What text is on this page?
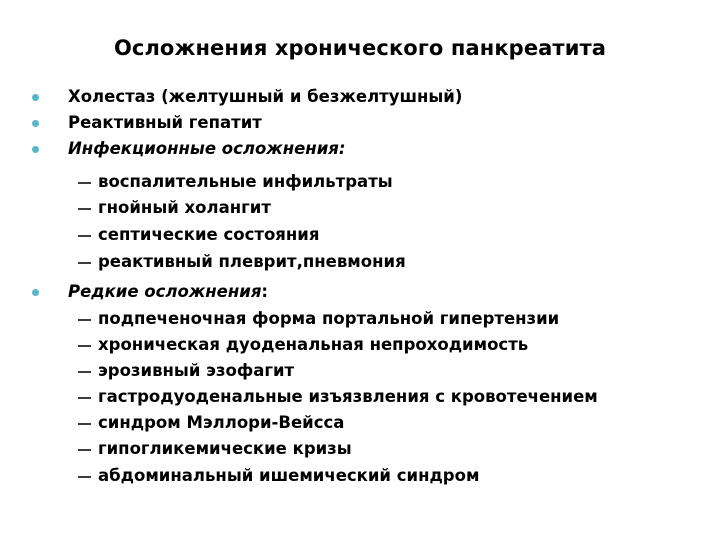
Осложнения хронического панкреатита
Холестаз (желтушный и безжелтушный)
Реактивный гепатит
Инфекционные осложнения:
воспалительные инфильтраты
гнойный холангит
септические состояния
реактивный плеврит,пневмония
Редкие осложнения:
подпеченочная форма портальной гипертензии
хроническая дуоденальная непроходимость
эрозивный эзофагит
гастродуоденальные изъязвления с кровотечением
синдром Мэллори-Вейсса
гипогликемические кризы
абдоминальный ишемический синдром
